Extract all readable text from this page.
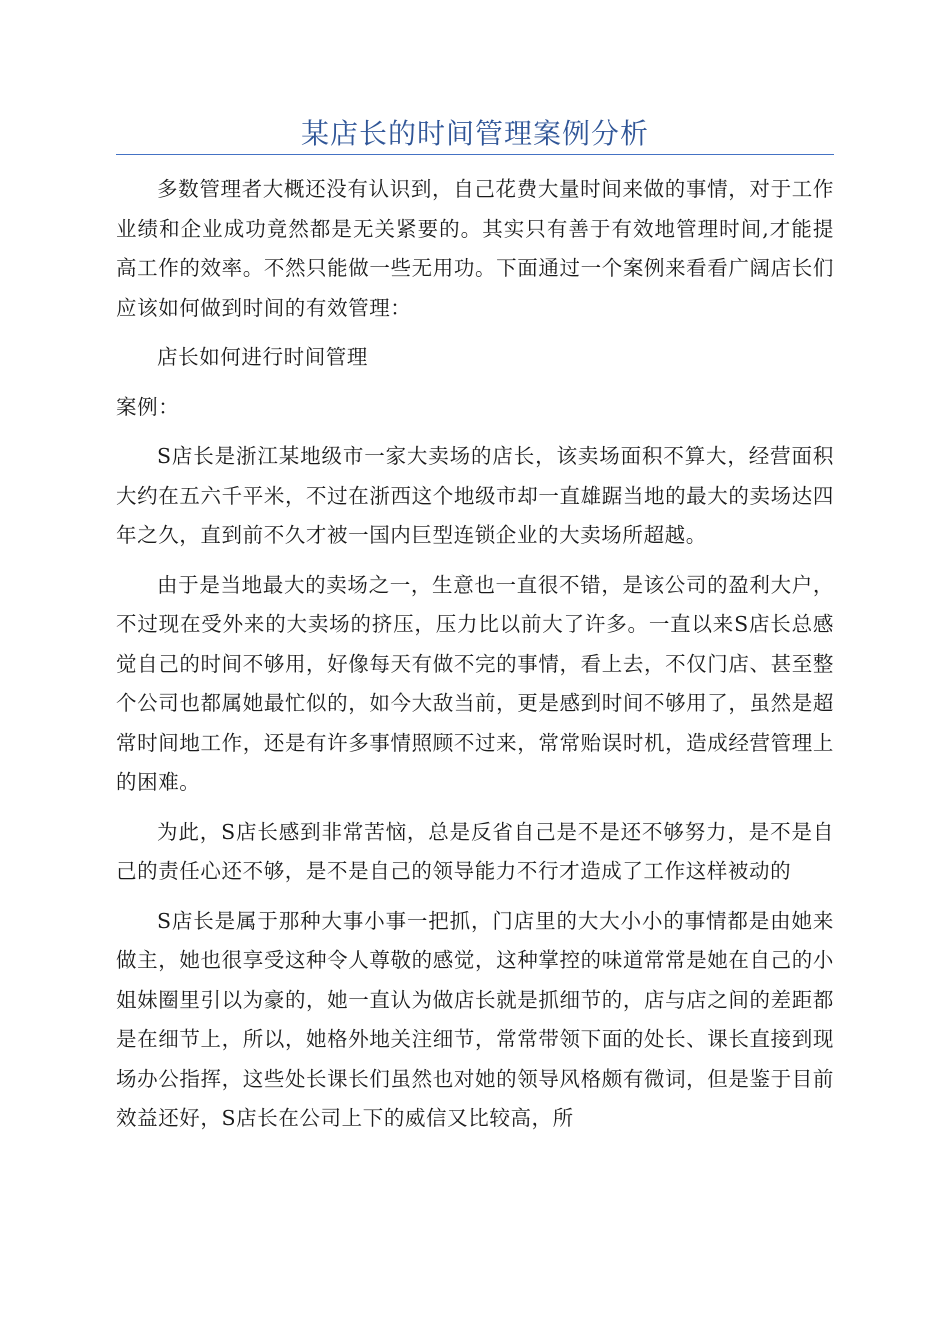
某店长的时间管理案例分析

多数管理者大概还没有认识到，自己花费大量时间来做的事情，对于工作业绩和企业成功竟然都是无关紧要的。其实只有善于有效地管理时间,才能提高工作的效率。不然只能做一些无用功。下面通过一个案例来看看广阔店长们应该如何做到时间的有效管理：

店长如何进行时间管理

案例：

S店长是浙江某地级市一家大卖场的店长，该卖场面积不算大，经营面积大约在五六千平米，不过在浙西这个地级市却一直雄踞当地的最大的卖场达四年之久，直到前不久才被一国内巨型连锁企业的大卖场所超越。

由于是当地最大的卖场之一，生意也一直很不错，是该公司的盈利大户，不过现在受外来的大卖场的挤压，压力比以前大了许多。一直以来S店长总感觉自己的时间不够用，好像每天有做不完的事情，看上去，不仅门店、甚至整个公司也都属她最忙似的，如今大敌当前，更是感到时间不够用了，虽然是超常时间地工作，还是有许多事情照顾不过来，常常贻误时机，造成经营管理上的困难。

为此，S店长感到非常苦恼，总是反省自己是不是还不够努力，是不是自己的责任心还不够，是不是自己的领导能力不行才造成了工作这样被动的

S店长是属于那种大事小事一把抓，门店里的大大小小的事情都是由她来做主，她也很享受这种令人尊敬的感觉，这种掌控的味道常常是她在自己的小姐妹圈里引以为豪的，她一直认为做店长就是抓细节的，店与店之间的差距都是在细节上，所以，她格外地关注细节，常常带领下面的处长、课长直接到现场办公指挥，这些处长课长们虽然也对她的领导风格颇有微词，但是鉴于目前效益还好，S店长在公司上下的威信又比较高，所
